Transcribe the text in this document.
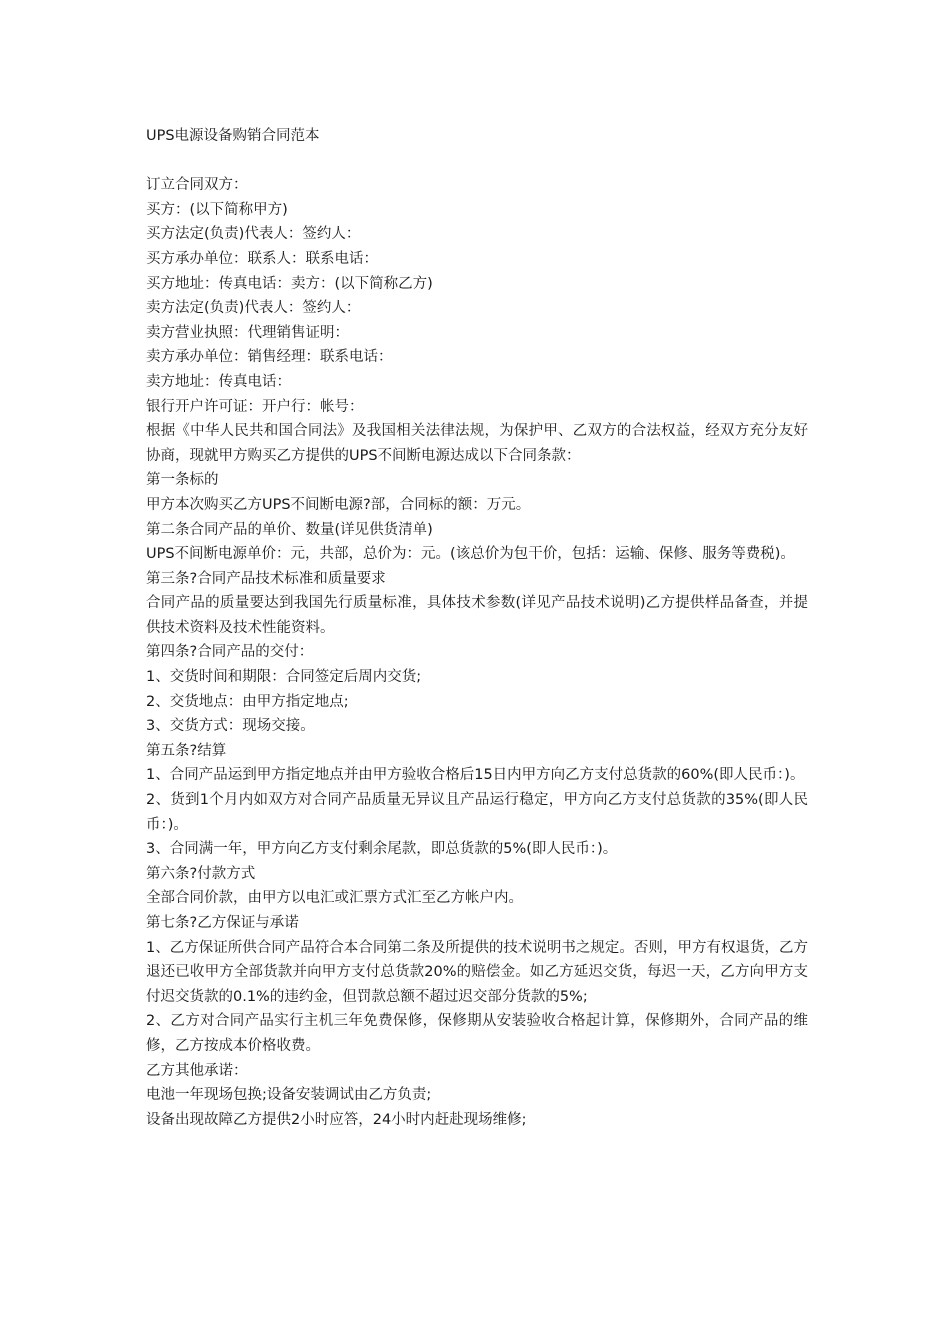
UPS电源设备购销合同范本

订立合同双方：

买方：(以下简称甲方)

买方法定(负责)代表人：签约人：

买方承办单位：联系人：联系电话：

买方地址：传真电话：卖方：(以下简称乙方)

卖方法定(负责)代表人：签约人：

卖方营业执照：代理销售证明：

卖方承办单位：销售经理：联系电话：

卖方地址：传真电话：

银行开户许可证：开户行：帐号：

根据《中华人民共和国合同法》及我国相关法律法规，为保护甲、乙双方的合法权益，经双方充分友好协商，现就甲方购买乙方提供的UPS不间断电源达成以下合同条款：

第一条标的

甲方本次购买乙方UPS不间断电源?部，合同标的额：万元。

第二条合同产品的单价、数量(详见供货清单)

UPS不间断电源单价：元，共部，总价为：元。(该总价为包干价，包括：运输、保修、服务等费税)。

第三条?合同产品技术标准和质量要求

合同产品的质量要达到我国先行质量标准，具体技术参数(详见产品技术说明)乙方提供样品备查，并提供技术资料及技术性能资料。

第四条?合同产品的交付：

1、交货时间和期限：合同签定后周内交货;

2、交货地点：由甲方指定地点;

3、交货方式：现场交接。

第五条?结算

1、合同产品运到甲方指定地点并由甲方验收合格后15日内甲方向乙方支付总货款的60%(即人民币：)。

2、货到1个月内如双方对合同产品质量无异议且产品运行稳定，甲方向乙方支付总货款的35%(即人民币：)。

3、合同满一年，甲方向乙方支付剩余尾款，即总货款的5%(即人民币：)。

第六条?付款方式

全部合同价款，由甲方以电汇或汇票方式汇至乙方帐户内。

第七条?乙方保证与承诺

1、乙方保证所供合同产品符合本合同第二条及所提供的技术说明书之规定。否则，甲方有权退货，乙方退还已收甲方全部货款并向甲方支付总货款20%的赔偿金。如乙方延迟交货，每迟一天，乙方向甲方支付迟交货款的0.1%的违约金，但罚款总额不超过迟交部分货款的5%;

2、乙方对合同产品实行主机三年免费保修，保修期从安装验收合格起计算，保修期外，合同产品的维修，乙方按成本价格收费。

乙方其他承诺：

电池一年现场包换;设备安装调试由乙方负责;

设备出现故障乙方提供2小时应答，24小时内赶赴现场维修;
